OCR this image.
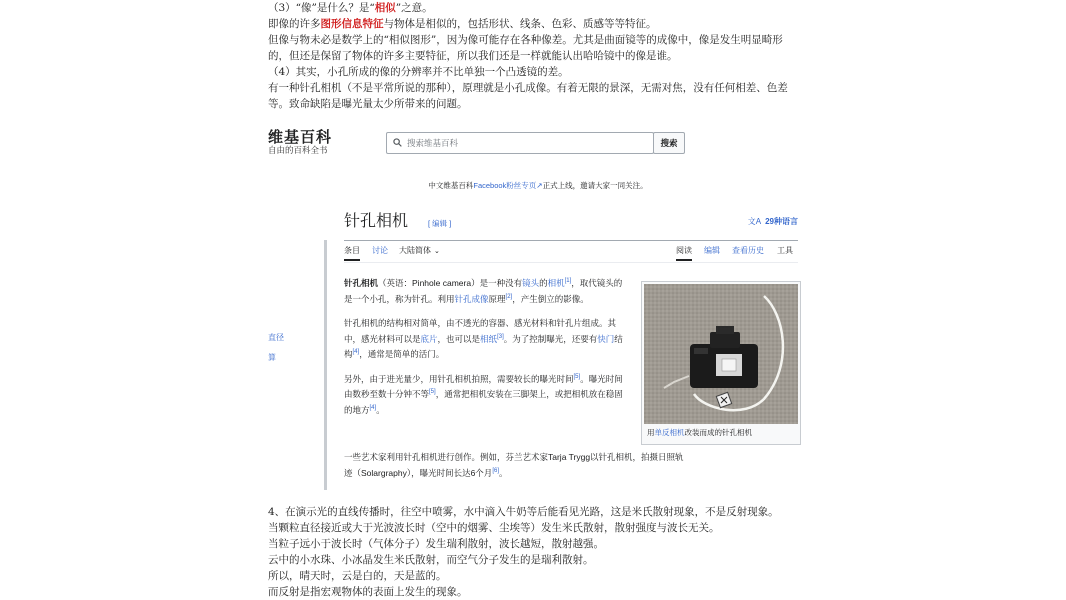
（3）“像”是什么？是“相似”之意。

即像的许多图形信息特征与物体是相似的，包括形状、线条、色彩、质感等等特征。

但像与物未必是数学上的“相似图形”，因为像可能存在各种像差。尤其是曲面镜等的成像中，像是发生明显畸形

的，但还是保留了物体的许多主要特征，所以我们还是一样就能认出哈哈镜中的像是谁。

（4）其实，小孔所成的像的分辨率并不比单独一个凸透镜的差。

有一种针孔相机（不是平常所说的那种），原理就是小孔成像。有着无限的景深，无需对焦，没有任何相差、色差

等。致命缺陷是曝光量太少所带来的问题。

维基百科
自由的百科全书
搜索维基百科
搜索
中文维基百科Facebook粉丝专页↗正式上线，邀请大家一同关注。
针孔相机	[ 编辑 ]	文A 29种语言
条目 讨论 大陆简体 ⌄	阅读 编辑 查看历史 工具
直径
算

针孔相机（英语：Pinhole camera）是一种没有镜头的相机[1]，取代镜头的是一个小孔，称为针孔。利用针孔成像原理[2]，产生倒立的影像。

针孔相机的结构相对简单，由不透光的容器、感光材料和针孔片组成。其中，感光材料可以是底片，也可以是相纸[3]。为了控制曝光，还要有快门结构[4]，通常是简单的活门。

另外，由于进光量少，用针孔相机拍照，需要较长的曝光时间[5]。曝光时间由数秒至数十分钟不等[5]，通常把相机安装在三脚架上，或把相机放在稳固的地方[4]。

一些艺术家利用针孔相机进行创作。例如，芬兰艺术家Tarja Trygg以针孔相机，拍摄日照轨迹（Solargraphy），曝光时间长达6个月[6]。
用单反相机改装而成的针孔相机

4、在演示光的直线传播时，往空中喷雾，水中滴入牛奶等后能看见光路，这是米氏散射现象，不是反射现象。

当颗粒直径接近或大于光波波长时（空中的烟雾、尘埃等）发生米氏散射，散射强度与波长无关。

当粒子远小于波长时（气体分子）发生瑞利散射，波长越短，散射越强。

云中的小水珠、小冰晶发生米氏散射，而空气分子发生的是瑞利散射。

所以，晴天时，云是白的，天是蓝的。

而反射是指宏观物体的表面上发生的现象。
